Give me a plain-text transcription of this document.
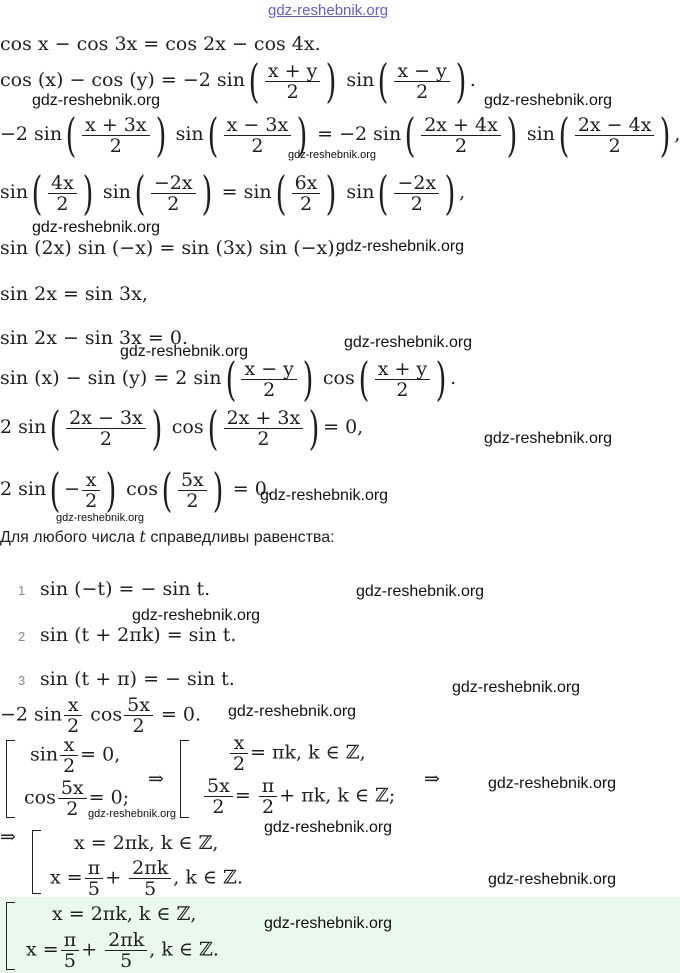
gdz-reshebnik.org
cos x − cos 3x = cos 2x − cos 4x.
cos (x) − cos (y) = −2 $\sin( \frac{x + y}{2}$ ) $\sin( \frac{x - y}{2}$ ) .
gdz-reshebnik.org	gdz-reshebnik.org
−2 $\sin( \frac{x + 3x}{2}$ ) $\sin( \frac{x - 3x}{2}$ ) = −2 $\sin( \frac{2x + 4x}{2}$ ) $\sin( \frac{2x - 4x}{2}$ ) ,
gdz-reshebnik.org
$\sin( \frac{4x}{2}$ ) $\sin( \frac{-2x}{2}$ ) = $\sin( \frac{6x}{2}$ ) $\sin( \frac{-2x}{2}$ ) ,
gdz-reshebnik.org
sin (2x) sin (−x) = sin (3x) sin (−x),
gdz-reshebnik.org
sin 2x = sin 3x,
sin 2x − sin 3x = 0.
gdz-reshebnik.org
gdz-reshebnik.org
sin (x) − sin (y) = 2 $\sin( \frac{x - y}{2}$ ) $\cos( \frac{x + y}{2}$ ) .
2 $\sin( \frac{2x - 3x}{2}$ ) $\cos( \frac{2x + 3x}{2}$ ) = 0,
gdz-reshebnik.org
2 $\sin( - \frac{x}{2}$ ) $\cos( \frac{5x}{2}$ ) = 0.
gdz-reshebnik.org
gdz-reshebnik.org
Для любого числа t справедливы равенства:
1 sin (−t) = − sin t.	gdz-reshebnik.org
gdz-reshebnik.org
2 sin (t + 2πk) = sin t.
3 sin (t + π) = − sin t.	gdz-reshebnik.org
−2 $\sin \frac{x}{2}$ $\cos \frac{5x}{2} = 0$. gdz-reshebnik.org
$\sin \frac{x}{2} = 0$,
$\cos \frac{5x}{2} = 0$;
gdz-reshebnik.org
⇒
$\frac{x}{2} = \pi k$, k ∈ ℤ,
$\frac{5x}{2} = \frac{\pi}{2} + \pi k$, k ∈ ℤ;
⇒	gdz-reshebnik.org
gdz-reshebnik.org
⇒	x = 2πk, k ∈ ℤ,
$x = \frac{\pi}{5} + \frac{2\pi k}{5}$ , k ∈ ℤ.	gdz-reshebnik.org
x = 2πk, k ∈ ℤ,
$x = \frac{\pi}{5} + \frac{2\pi k}{5}$ , k ∈ ℤ.
gdz-reshebnik.org
